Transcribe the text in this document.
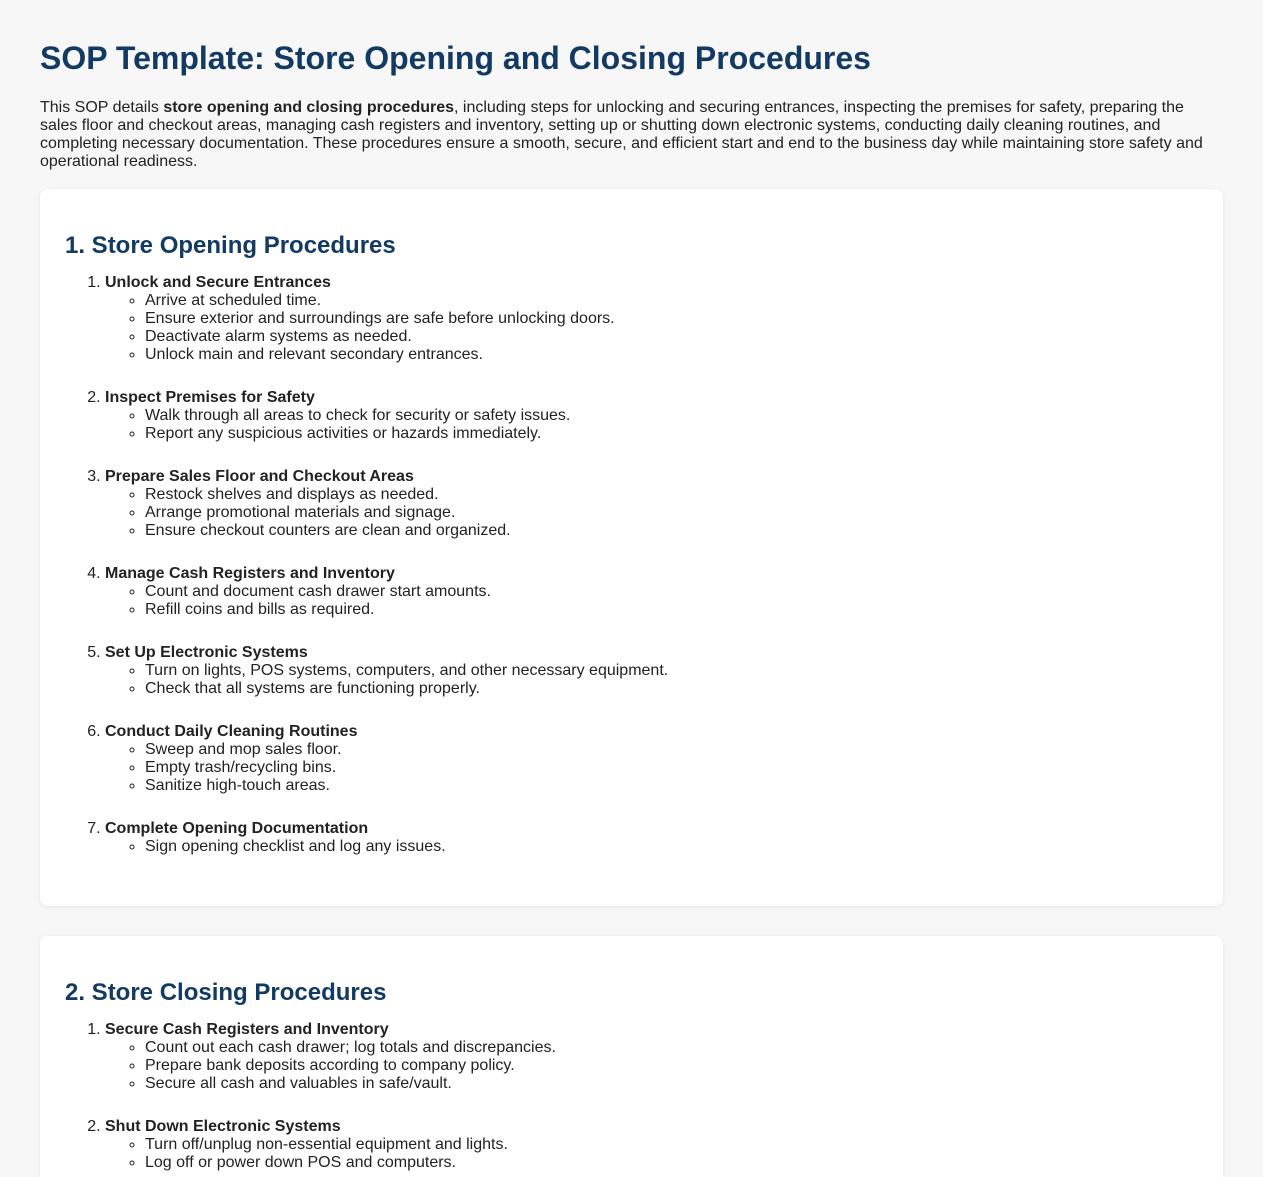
SOP Template: Store Opening and Closing Procedures

This SOP details store opening and closing procedures, including steps for unlocking and securing entrances, inspecting the premises for safety, preparing the sales floor and checkout areas, managing cash registers and inventory, setting up or shutting down electronic systems, conducting daily cleaning routines, and completing necessary documentation. These procedures ensure a smooth, secure, and efficient start and end to the business day while maintaining store safety and operational readiness.

1. Store Opening Procedures
1. Unlock and Secure Entrances
◦ Arrive at scheduled time.
◦ Ensure exterior and surroundings are safe before unlocking doors.
◦ Deactivate alarm systems as needed.
◦ Unlock main and relevant secondary entrances.
2. Inspect Premises for Safety
◦ Walk through all areas to check for security or safety issues.
◦ Report any suspicious activities or hazards immediately.
3. Prepare Sales Floor and Checkout Areas
◦ Restock shelves and displays as needed.
◦ Arrange promotional materials and signage.
◦ Ensure checkout counters are clean and organized.
4. Manage Cash Registers and Inventory
◦ Count and document cash drawer start amounts.
◦ Refill coins and bills as required.
5. Set Up Electronic Systems
◦ Turn on lights, POS systems, computers, and other necessary equipment.
◦ Check that all systems are functioning properly.
6. Conduct Daily Cleaning Routines
◦ Sweep and mop sales floor.
◦ Empty trash/recycling bins.
◦ Sanitize high-touch areas.
7. Complete Opening Documentation
◦ Sign opening checklist and log any issues.
2. Store Closing Procedures
1. Secure Cash Registers and Inventory
◦ Count out each cash drawer; log totals and discrepancies.
◦ Prepare bank deposits according to company policy.
◦ Secure all cash and valuables in safe/vault.
2. Shut Down Electronic Systems
◦ Turn off/unplug non-essential equipment and lights.
◦ Log off or power down POS and computers.
